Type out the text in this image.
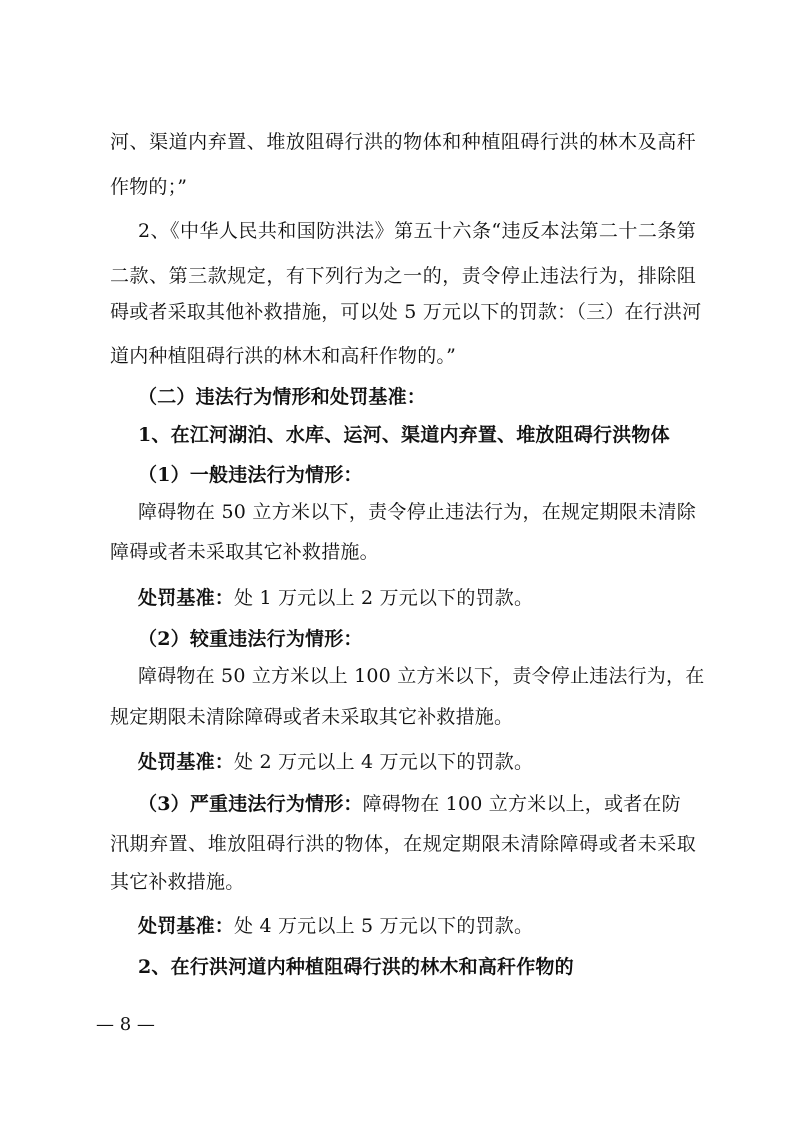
河、渠道内弃置、堆放阻碍行洪的物体和种植阻碍行洪的林木及高秆
作物的；”
2、《中华人民共和国防洪法》第五十六条“违反本法第二十二条第
二款、第三款规定，有下列行为之一的，责令停止违法行为，排除阻
碍或者采取其他补救措施，可以处 5 万元以下的罚款：（三）在行洪河
道内种植阻碍行洪的林木和高秆作物的。”
（二）违法行为情形和处罚基准：
1、在江河湖泊、水库、运河、渠道内弃置、堆放阻碍行洪物体
（1）一般违法行为情形：
障碍物在 50 立方米以下，责令停止违法行为，在规定期限未清除
障碍或者未采取其它补救措施。
处罚基准：处 1 万元以上 2 万元以下的罚款。
（2）较重违法行为情形：
障碍物在 50 立方米以上 100 立方米以下，责令停止违法行为，在
规定期限未清除障碍或者未采取其它补救措施。
处罚基准：处 2 万元以上 4 万元以下的罚款。
（3）严重违法行为情形：障碍物在 100 立方米以上，或者在防
汛期弃置、堆放阻碍行洪的物体，在规定期限未清除障碍或者未采取
其它补救措施。
处罚基准：处 4 万元以上 5 万元以下的罚款。
2、在行洪河道内种植阻碍行洪的林木和高秆作物的
— 8 —
